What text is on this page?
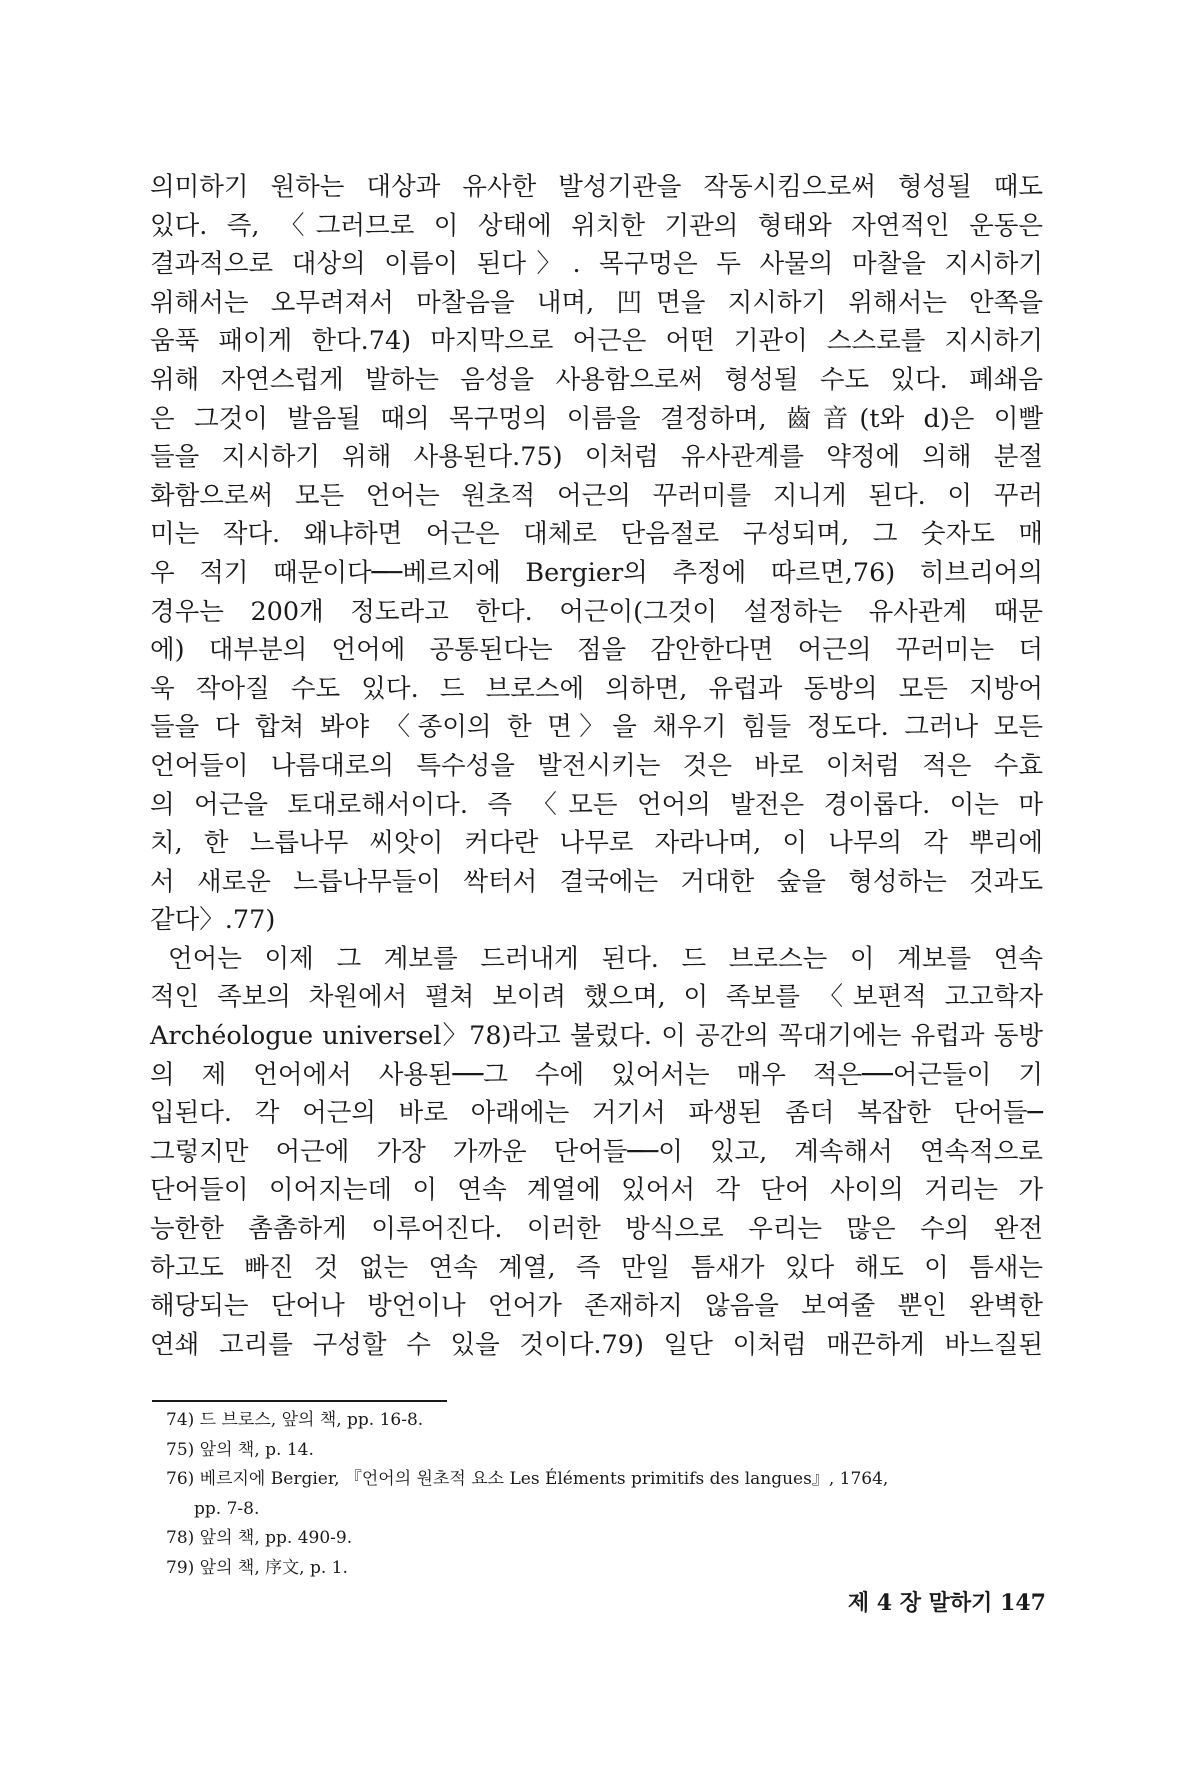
의미하기 원하는 대상과 유사한 발성기관을 작동시킴으로써 형성될 때도
있다. 즉, 〈그러므로 이 상태에 위치한 기관의 형태와 자연적인 운동은
결과적으로 대상의 이름이 된다〉. 목구멍은 두 사물의 마찰을 지시하기
위해서는 오무려져서 마찰음을 내며, 凹면을 지시하기 위해서는 안쪽을
움푹 패이게 한다.74) 마지막으로 어근은 어떤 기관이 스스로를 지시하기
위해 자연스럽게 발하는 음성을 사용함으로써 형성될 수도 있다. 폐쇄음
은 그것이 발음될 때의 목구멍의 이름을 결정하며, 齒音(t와 d)은 이빨
들을 지시하기 위해 사용된다.75) 이처럼 유사관계를 약정에 의해 분절
화함으로써 모든 언어는 원초적 어근의 꾸러미를 지니게 된다. 이 꾸러
미는 작다. 왜냐하면 어근은 대체로 단음절로 구성되며, 그 숫자도 매
우 적기 때문이다──베르지에 Bergier의 추정에 따르면,76) 히브리어의
경우는 200개 정도라고 한다. 어근이(그것이 설정하는 유사관계 때문
에) 대부분의 언어에 공통된다는 점을 감안한다면 어근의 꾸러미는 더
욱 작아질 수도 있다. 드 브로스에 의하면, 유럽과 동방의 모든 지방어
들을 다 합쳐 봐야 〈종이의 한 면〉을 채우기 힘들 정도다. 그러나 모든
언어들이 나름대로의 특수성을 발전시키는 것은 바로 이처럼 적은 수효
의 어근을 토대로해서이다. 즉 〈모든 언어의 발전은 경이롭다. 이는 마
치, 한 느릅나무 씨앗이 커다란 나무로 자라나며, 이 나무의 각 뿌리에
서 새로운 느릅나무들이 싹터서 결국에는 거대한 숲을 형성하는 것과도
같다〉.77)
언어는 이제 그 계보를 드러내게 된다. 드 브로스는 이 계보를 연속
적인 족보의 차원에서 펼쳐 보이려 했으며, 이 족보를 〈보편적 고고학자
Archéologue universel〉78)라고 불렀다. 이 공간의 꼭대기에는 유럽과 동방
의 제 언어에서 사용된──그 수에 있어서는 매우 적은──어근들이 기
입된다. 각 어근의 바로 아래에는 거기서 파생된 좀더 복잡한 단어들─
그렇지만 어근에 가장 가까운 단어들──이 있고, 계속해서 연속적으로
단어들이 이어지는데 이 연속 계열에 있어서 각 단어 사이의 거리는 가
능한한 촘촘하게 이루어진다. 이러한 방식으로 우리는 많은 수의 완전
하고도 빠진 것 없는 연속 계열, 즉 만일 틈새가 있다 해도 이 틈새는
해당되는 단어나 방언이나 언어가 존재하지 않음을 보여줄 뿐인 완벽한
연쇄 고리를 구성할 수 있을 것이다.79) 일단 이처럼 매끈하게 바느질된
74) 드 브로스, 앞의 책, pp. 16-8.
75) 앞의 책, p. 14.
76) 베르지에 Bergier, 『언어의 원초적 요소 Les Éléments primitifs des langues』, 1764,
pp. 7-8.
78) 앞의 책, pp. 490-9.
79) 앞의 책, 序文, p. 1.
제 4 장 말하기 147
